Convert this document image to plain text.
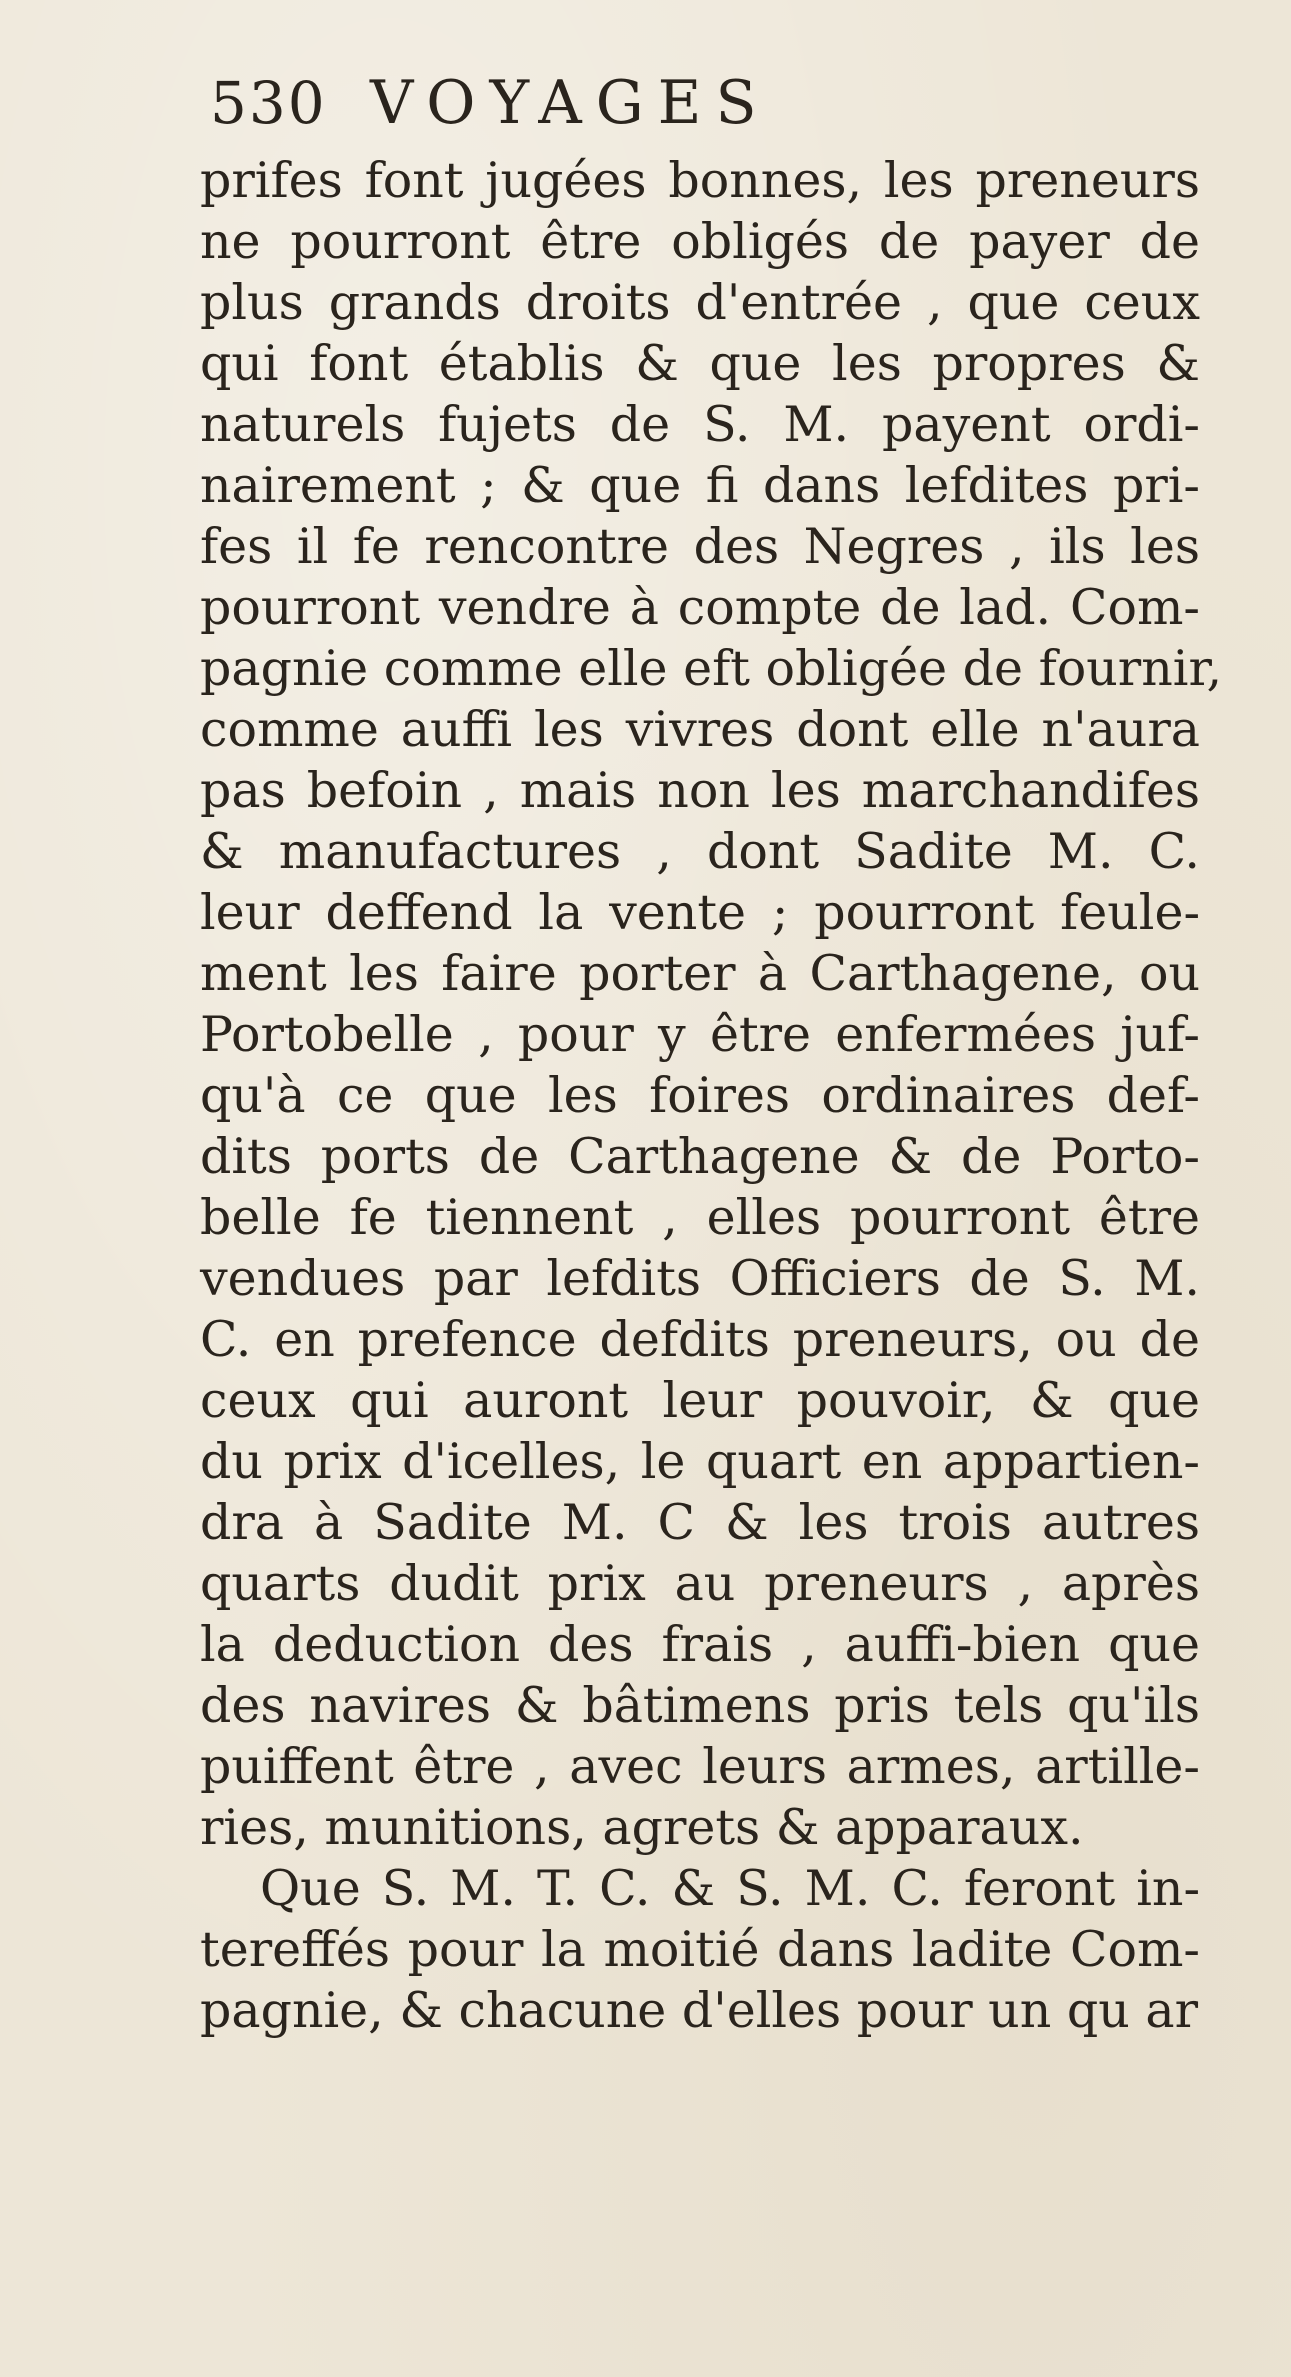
530 VOYAGES
prifes font jugées bonnes, les preneurs
ne pourront être obligés de payer de
plus grands droits d'entrée , que ceux
qui font établis & que les propres &
naturels fujets de S. M. payent ordi-
nairement ; & que fi dans lefdites pri-
fes il fe rencontre des Negres , ils les
pourront vendre à compte de lad. Com-
pagnie comme elle eft obligée de fournir,
comme auffi les vivres dont elle n'aura
pas befoin , mais non les marchandifes
& manufactures , dont Sadite M. C.
leur deffend la vente ; pourront feule-
ment les faire porter à Carthagene, ou
Portobelle , pour y être enfermées juf-
qu'à ce que les foires ordinaires def-
dits ports de Carthagene & de Porto-
belle fe tiennent , elles pourront être
vendues par lefdits Officiers de S. M.
C. en prefence defdits preneurs, ou de
ceux qui auront leur pouvoir, & que
du prix d'icelles, le quart en appartien-
dra à Sadite M. C & les trois autres
quarts dudit prix au preneurs , après
la deduction des frais , auffi-bien que
des navires & bâtimens pris tels qu'ils
puiffent être , avec leurs armes, artille-
ries, munitions, agrets & apparaux.
Que S. M. T. C. & S. M. C. feront in-
tereffés pour la moitié dans ladite Com-
pagnie, & chacune d'elles pour un qu ar
